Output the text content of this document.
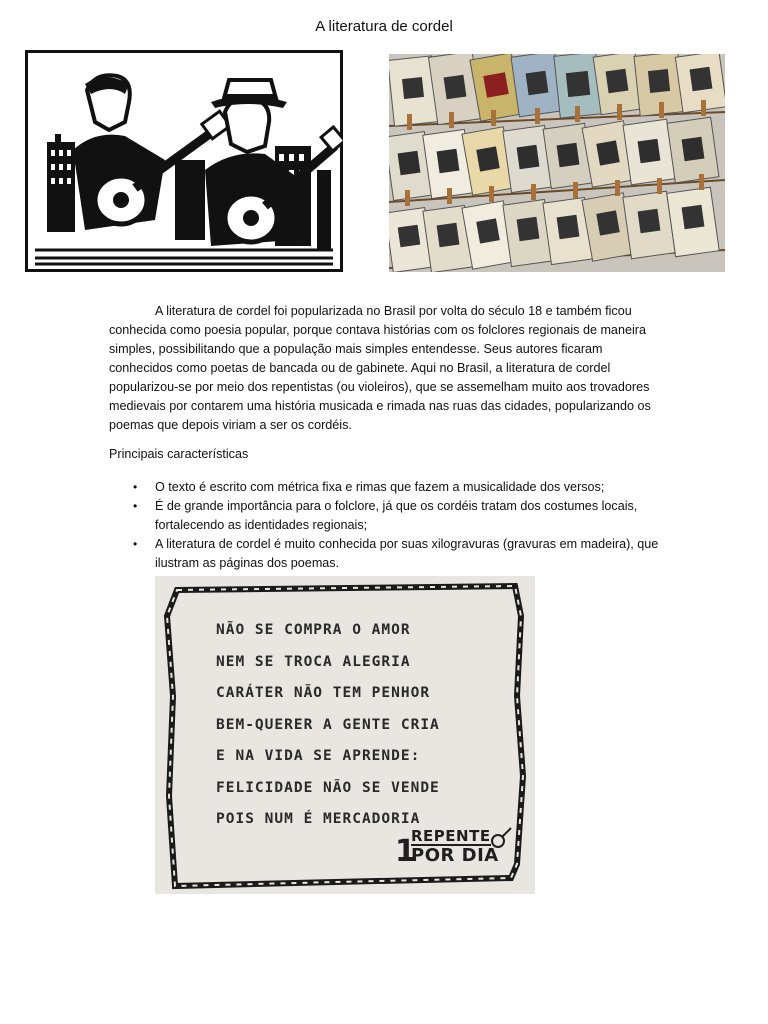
A literatura de cordel

A literatura de cordel foi popularizada no Brasil por volta do século 18 e também ficou conhecida como poesia popular, porque contava histórias com os folclores regionais de maneira simples, possibilitando que a população mais simples entendesse. Seus autores ficaram conhecidos como poetas de bancada ou de gabinete. Aqui no Brasil, a literatura de cordel popularizou-se por meio dos repentistas (ou violeiros), que se assemelham muito aos trovadores medievais por contarem uma história musicada e rimada nas ruas das cidades, popularizando os poemas que depois viriam a ser os cordéis.

Principais características

• O texto é escrito com métrica fixa e rimas que fazem a musicalidade dos versos;
• É de grande importância para o folclore, já que os cordéis tratam dos costumes locais, fortalecendo as identidades regionais;
• A literatura de cordel é muito conhecida por suas xilogravuras (gravuras em madeira), que ilustram as páginas dos poemas.
NÃO SE COMPRA O AMOR
NEM SE TROCA ALEGRIA
CARÁTER NÃO TEM PENHOR
BEM-QUERER A GENTE CRIA
E NA VIDA SE APRENDE:
FELICIDADE NÃO SE VENDE
POIS NUM É MERCADORIA
1
REPENTE
POR DIA
